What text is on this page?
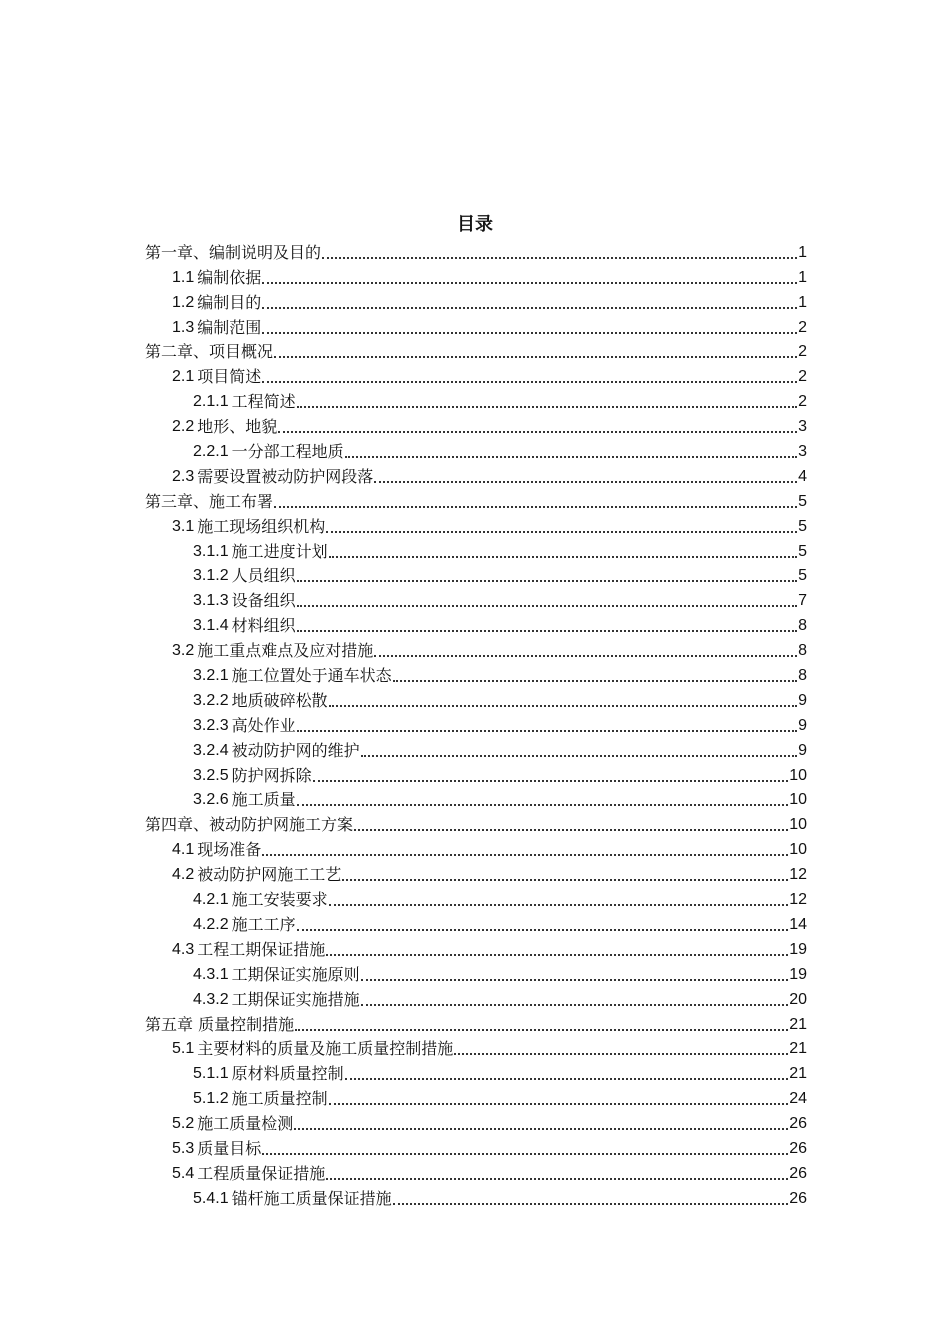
目录
第一章、编制说明及目的	1
1.1 编制依据	1
1.2 编制目的	1
1.3 编制范围	2
第二章、项目概况	2
2.1 项目简述	2
2.1.1 工程简述	2
2.2 地形、地貌	3
2.2.1 一分部工程地质	3
2.3 需要设置被动防护网段落	4
第三章、施工布署	5
3.1 施工现场组织机构	5
3.1.1 施工进度计划	5
3.1.2 人员组织	5
3.1.3 设备组织	7
3.1.4 材料组织	8
3.2 施工重点难点及应对措施	8
3.2.1 施工位置处于通车状态	8
3.2.2 地质破碎松散	9
3.2.3 高处作业	9
3.2.4 被动防护网的维护	9
3.2.5 防护网拆除	10
3.2.6 施工质量	10
第四章、被动防护网施工方案	10
4.1 现场准备	10
4.2 被动防护网施工工艺	12
4.2.1 施工安装要求	12
4.2.2 施工工序	14
4.3 工程工期保证措施	19
4.3.1 工期保证实施原则	19
4.3.2 工期保证实施措施	20
第五章 质量控制措施	21
5.1 主要材料的质量及施工质量控制措施	21
5.1.1 原材料质量控制	21
5.1.2 施工质量控制	24
5.2 施工质量检测	26
5.3 质量目标	26
5.4 工程质量保证措施	26
5.4.1 锚杆施工质量保证措施	26
